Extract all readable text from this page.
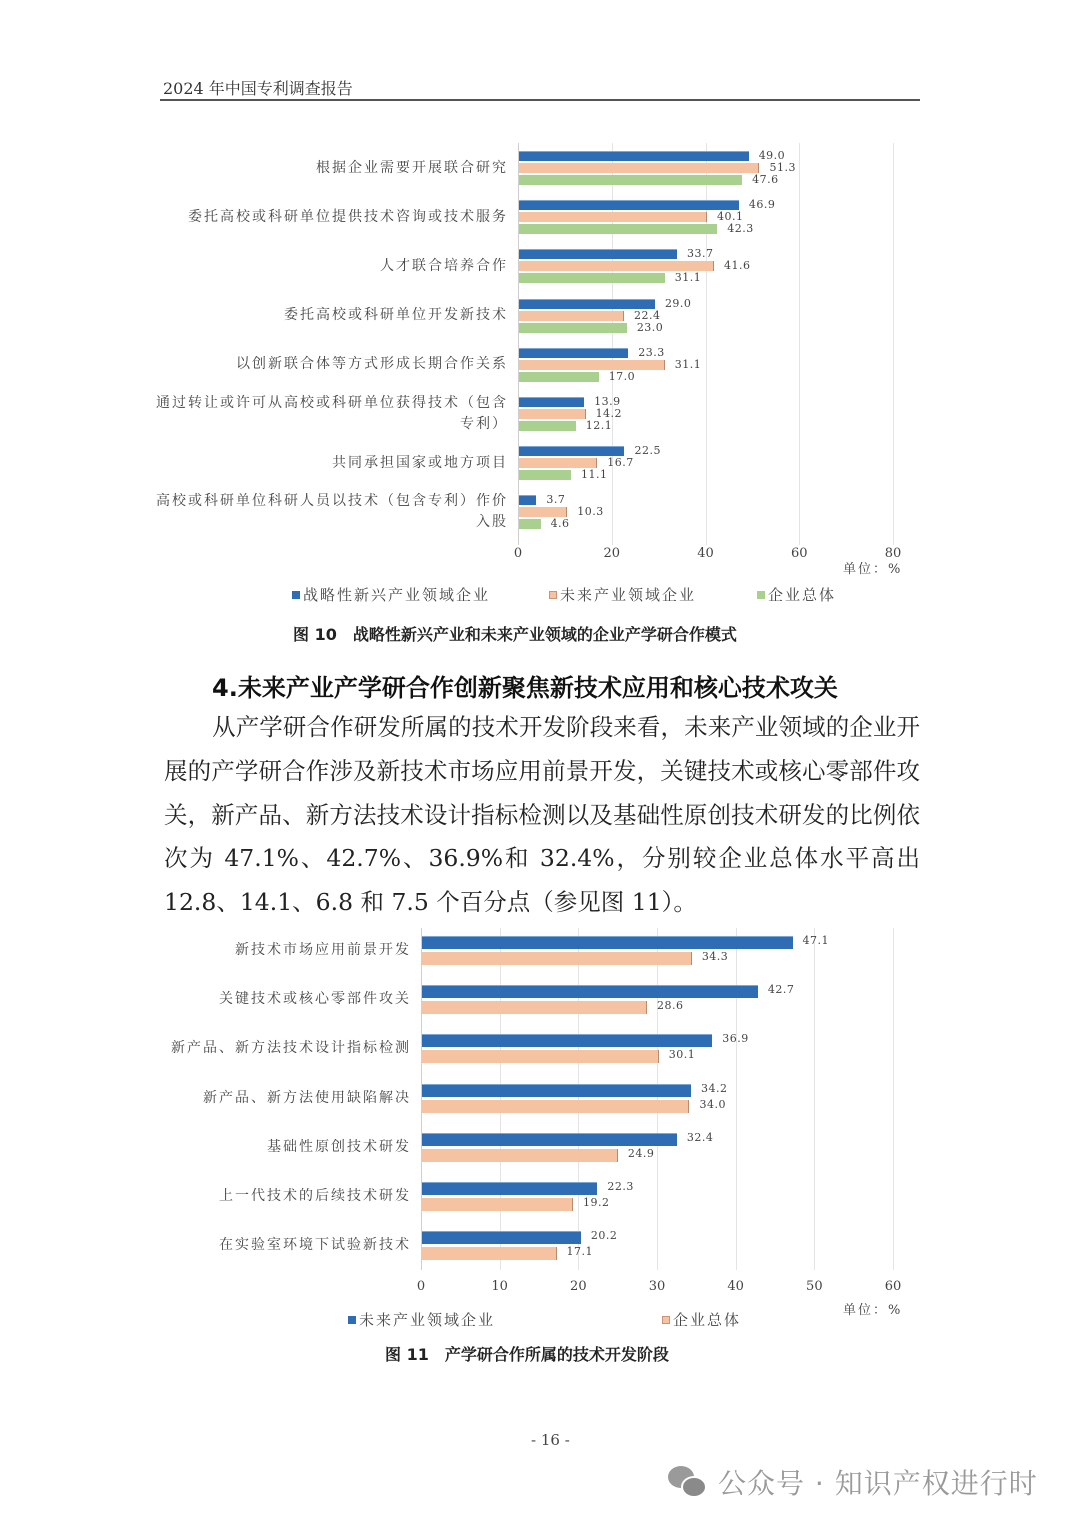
2024 年中国专利调查报告
0	20	40	60	80
根据企业需要开展联合研究
49.0
51.3
47.6
委托高校或科研单位提供技术咨询或技术服务
46.9
40.1
42.3
人才联合培养合作
33.7
41.6
31.1
委托高校或科研单位开发新技术
29.0
22.4
23.0
以创新联合体等方式形成长期合作关系
23.3
31.1
17.0
通过转让或许可从高校或科研单位获得技术（包含专利）
13.9
14.2
12.1
共同承担国家或地方项目
22.5
16.7
11.1
高校或科研单位科研人员以技术（包含专利）作价入股
3.7
10.3
4.6
单位：%
战略性新兴产业领域企业	未来产业领域企业	企业总体
图 10　战略性新兴产业和未来产业领域的企业产学研合作模式
4.未来产业产学研合作创新聚焦新技术应用和核心技术攻关
从产学研合作研发所属的技术开发阶段来看，未来产业领域的企业开展的产学研合作涉及新技术市场应用前景开发，关键技术或核心零部件攻关，新产品、新方法技术设计指标检测以及基础性原创技术研发的比例依次为 47.1%、42.7%、36.9%和 32.4%，分别较企业总体水平高出 12.8、14.1、6.8 和 7.5 个百分点（参见图 11）。
0	10	20	30	40	50	60
新技术市场应用前景开发
47.1
34.3
关键技术或核心零部件攻关
42.7
28.6
新产品、新方法技术设计指标检测
36.9
30.1
新产品、新方法使用缺陷解决
34.2
34.0
基础性原创技术研发
32.4
24.9
上一代技术的后续技术研发
22.3
19.2
在实验室环境下试验新技术
20.2
17.1
单位：%
未来产业领域企业	企业总体
图 11　产学研合作所属的技术开发阶段
- 16 -
公众号 · 知识产权进行时
